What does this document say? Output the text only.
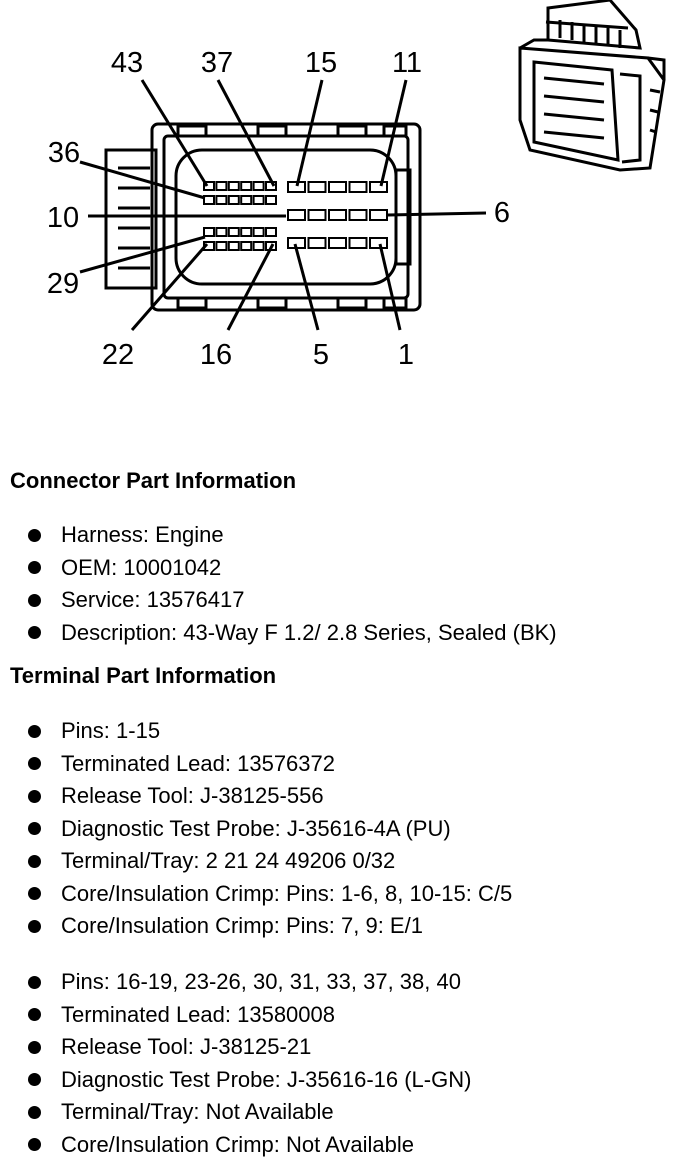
43 37 15 11
36
10	6
29
22 16	5 1
Connector Part Information
Harness: Engine
OEM: 10001042
Service: 13576417
Description: 43-Way F 1.2/ 2.8 Series, Sealed (BK)
Terminal Part Information
Pins: 1-15
Terminated Lead: 13576372
Release Tool: J-38125-556
Diagnostic Test Probe: J-35616-4A (PU)
Terminal/Tray: 2 21 24 49206 0/32
Core/Insulation Crimp: Pins: 1-6, 8, 10-15: C/5
Core/Insulation Crimp: Pins: 7, 9: E/1
Pins: 16-19, 23-26, 30, 31, 33, 37, 38, 40
Terminated Lead: 13580008
Release Tool: J-38125-21
Diagnostic Test Probe: J-35616-16 (L-GN)
Terminal/Tray: Not Available
Core/Insulation Crimp: Not Available
